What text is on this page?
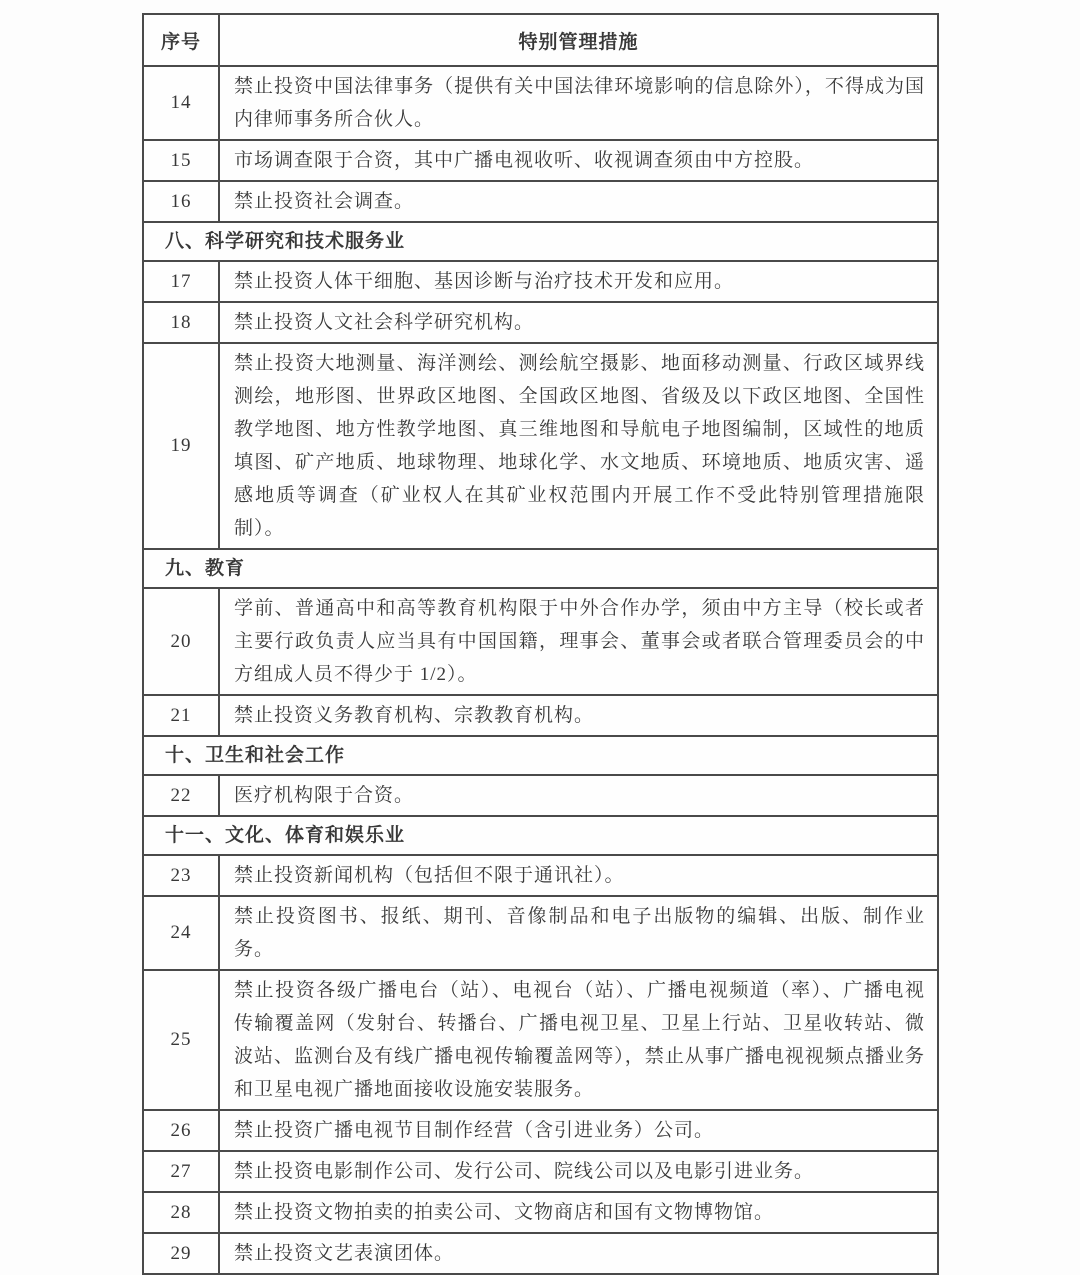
序号	特别管理措施
14	禁止投资中国法律事务（提供有关中国法律环境影响的信息除外），不得成为国内律师事务所合伙人。
15	市场调查限于合资，其中广播电视收听、收视调查须由中方控股。
16	禁止投资社会调查。
八、科学研究和技术服务业	
17	禁止投资人体干细胞、基因诊断与治疗技术开发和应用。
18	禁止投资人文社会科学研究机构。
19	禁止投资大地测量、海洋测绘、测绘航空摄影、地面移动测量、行政区域界线测绘，地形图、世界政区地图、全国政区地图、省级及以下政区地图、全国性教学地图、地方性教学地图、真三维地图和导航电子地图编制，区域性的地质填图、矿产地质、地球物理、地球化学、水文地质、环境地质、地质灾害、遥感地质等调查（矿业权人在其矿业权范围内开展工作不受此特别管理措施限制）。
九、教育	
20	学前、普通高中和高等教育机构限于中外合作办学，须由中方主导（校长或者主要行政负责人应当具有中国国籍，理事会、董事会或者联合管理委员会的中方组成人员不得少于 1/2）。
21	禁止投资义务教育机构、宗教教育机构。
十、卫生和社会工作	
22	医疗机构限于合资。
十一、文化、体育和娱乐业	
23	禁止投资新闻机构（包括但不限于通讯社）。
24	禁止投资图书、报纸、期刊、音像制品和电子出版物的编辑、出版、制作业务。
25	禁止投资各级广播电台（站）、电视台（站）、广播电视频道（率）、广播电视传输覆盖网（发射台、转播台、广播电视卫星、卫星上行站、卫星收转站、微波站、监测台及有线广播电视传输覆盖网等），禁止从事广播电视视频点播业务和卫星电视广播地面接收设施安装服务。
26	禁止投资广播电视节目制作经营（含引进业务）公司。
27	禁止投资电影制作公司、发行公司、院线公司以及电影引进业务。
28	禁止投资文物拍卖的拍卖公司、文物商店和国有文物博物馆。
29	禁止投资文艺表演团体。
